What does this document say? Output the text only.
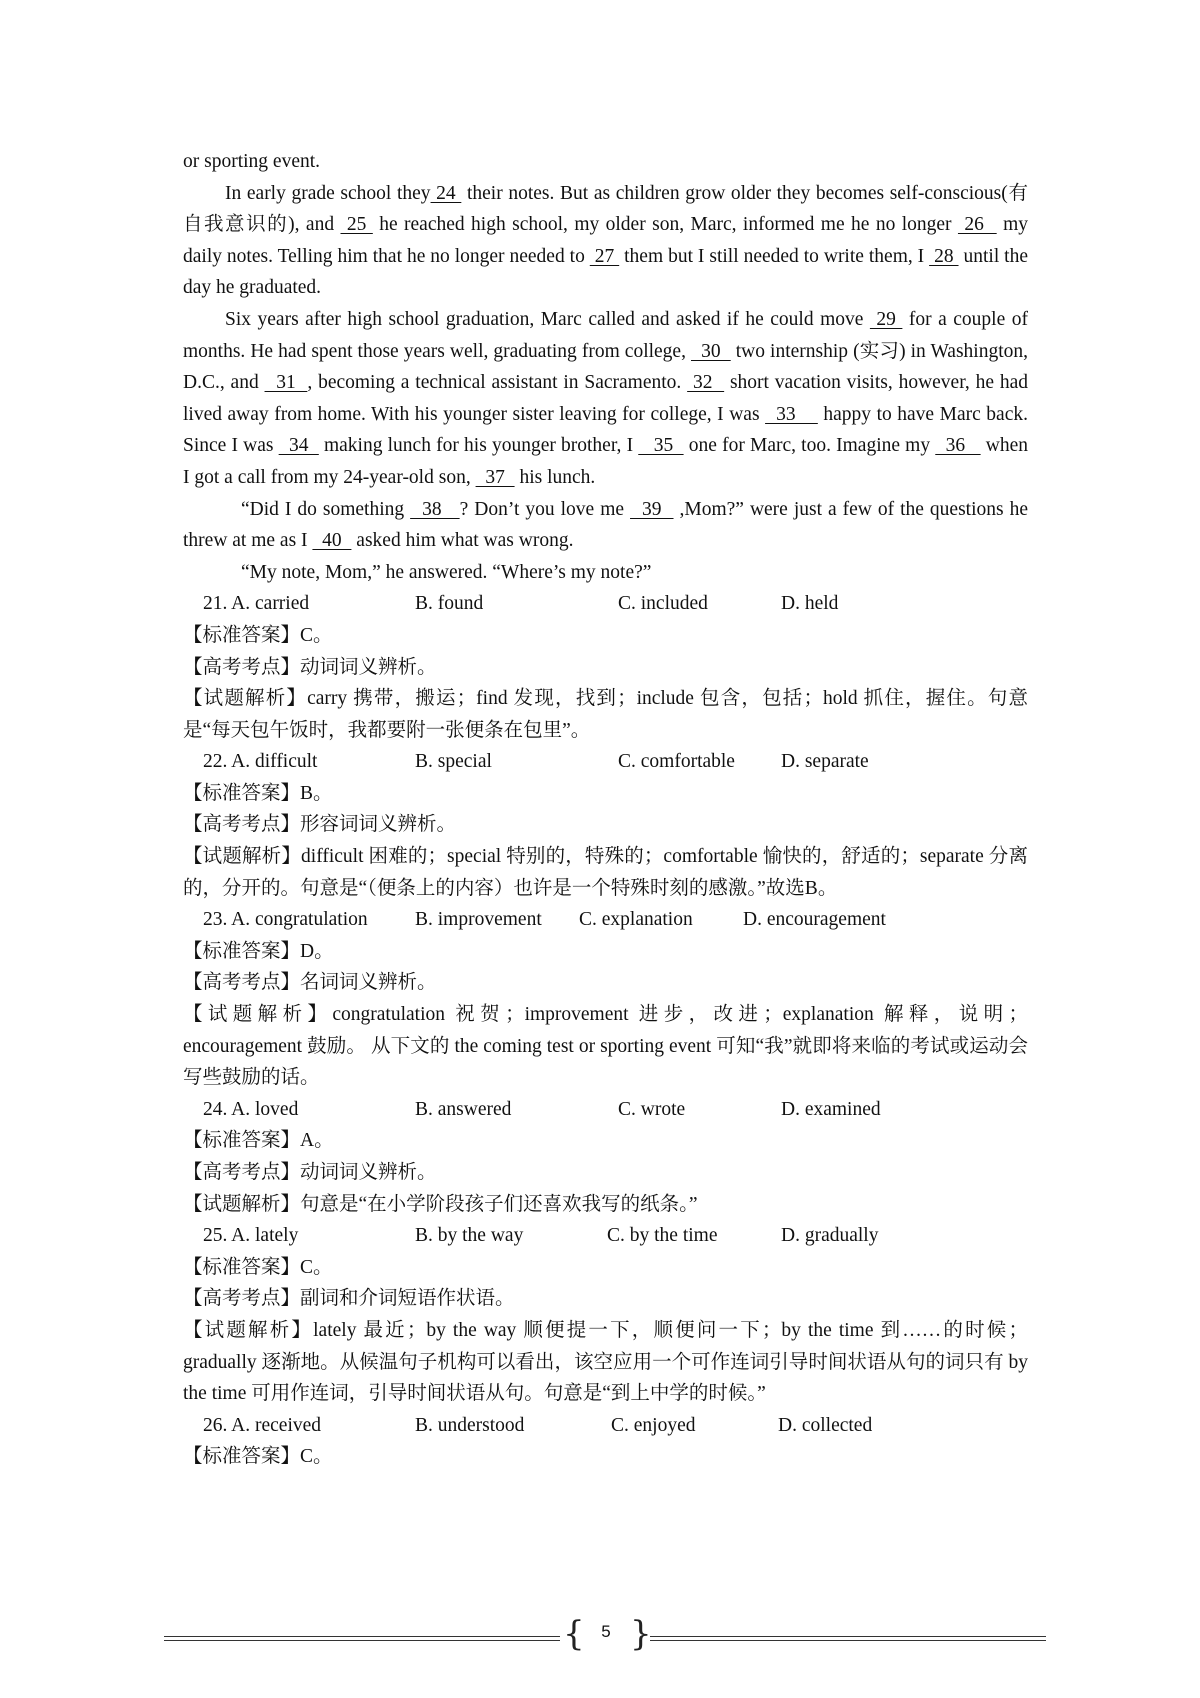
or sporting event.

In early grade school they 24  their notes. But as children grow older they becomes self-conscious(有自我意识的), and  25  he reached high school, my older son, Marc, informed me he no longer  26   my daily notes. Telling him that he no longer needed to  27  them but I still needed to write them, I  28  until the day he graduated.

Six years after high school graduation, Marc called and asked if he could move  29  for a couple of months. He had spent those years well, graduating from college,   30   two internship (实习) in Washington, D.C., and   31  , becoming a technical assistant in Sacramento.  32   short vacation visits, however, he had lived away from home. With his younger sister leaving for college, I was   33     happy to have Marc back. Since I was   34   making lunch for his younger brother, I    35   one for Marc, too. Imagine my   36    when I got a call from my 24-year-old son,   37   his lunch.

“Did I do something   38   ? Don’t you love me   39   ,Mom?” were just a few of the questions he threw at me as I   40   asked him what was wrong.

“My note, Mom,” he answered. “Where’s my note?”

21. A. carried	B. found	C. included	D. held

【标准答案】C。

【高考考点】动词词义辨析。

【试题解析】carry 携带，搬运；find 发现，找到；include 包含，包括；hold 抓住，握住。句意是“每天包午饭时，我都要附一张便条在包里”。

22. A. difficult	B. special	C. comfortable	D. separate

【标准答案】B。

【高考考点】形容词词义辨析。

【试题解析】difficult 困难的；special 特别的，特殊的；comfortable 愉快的，舒适的；separate 分离的，分开的。句意是“（便条上的内容）也许是一个特殊时刻的感激。”故选B。

23. A. congratulation	B. improvement	C. explanation	D. encouragement

【标准答案】D。

【高考考点】名词词义辨析。

【试题解析】congratulation 祝贺；improvement 进步，改进；explanation 解释，说明；encouragement 鼓励。 从下文的 the coming test or sporting event 可知“我”就即将来临的考试或运动会写些鼓励的话。

24. A. loved	B. answered	C. wrote	D. examined

【标准答案】A。

【高考考点】动词词义辨析。

【试题解析】句意是“在小学阶段孩子们还喜欢我写的纸条。”

25. A. lately	B. by the way	C. by the time	D. gradually

【标准答案】C。

【高考考点】副词和介词短语作状语。

【试题解析】lately 最近；by the way 顺便提一下，顺便问一下；by the time 到……的时候；gradually 逐渐地。从候温句子机构可以看出，该空应用一个可作连词引导时间状语从句的词只有 by the time 可用作连词，引导时间状语从句。句意是“到上中学的时候。”

26. A. received	B. understood	C. enjoyed	D. collected

【标准答案】C。

{ 5 }
